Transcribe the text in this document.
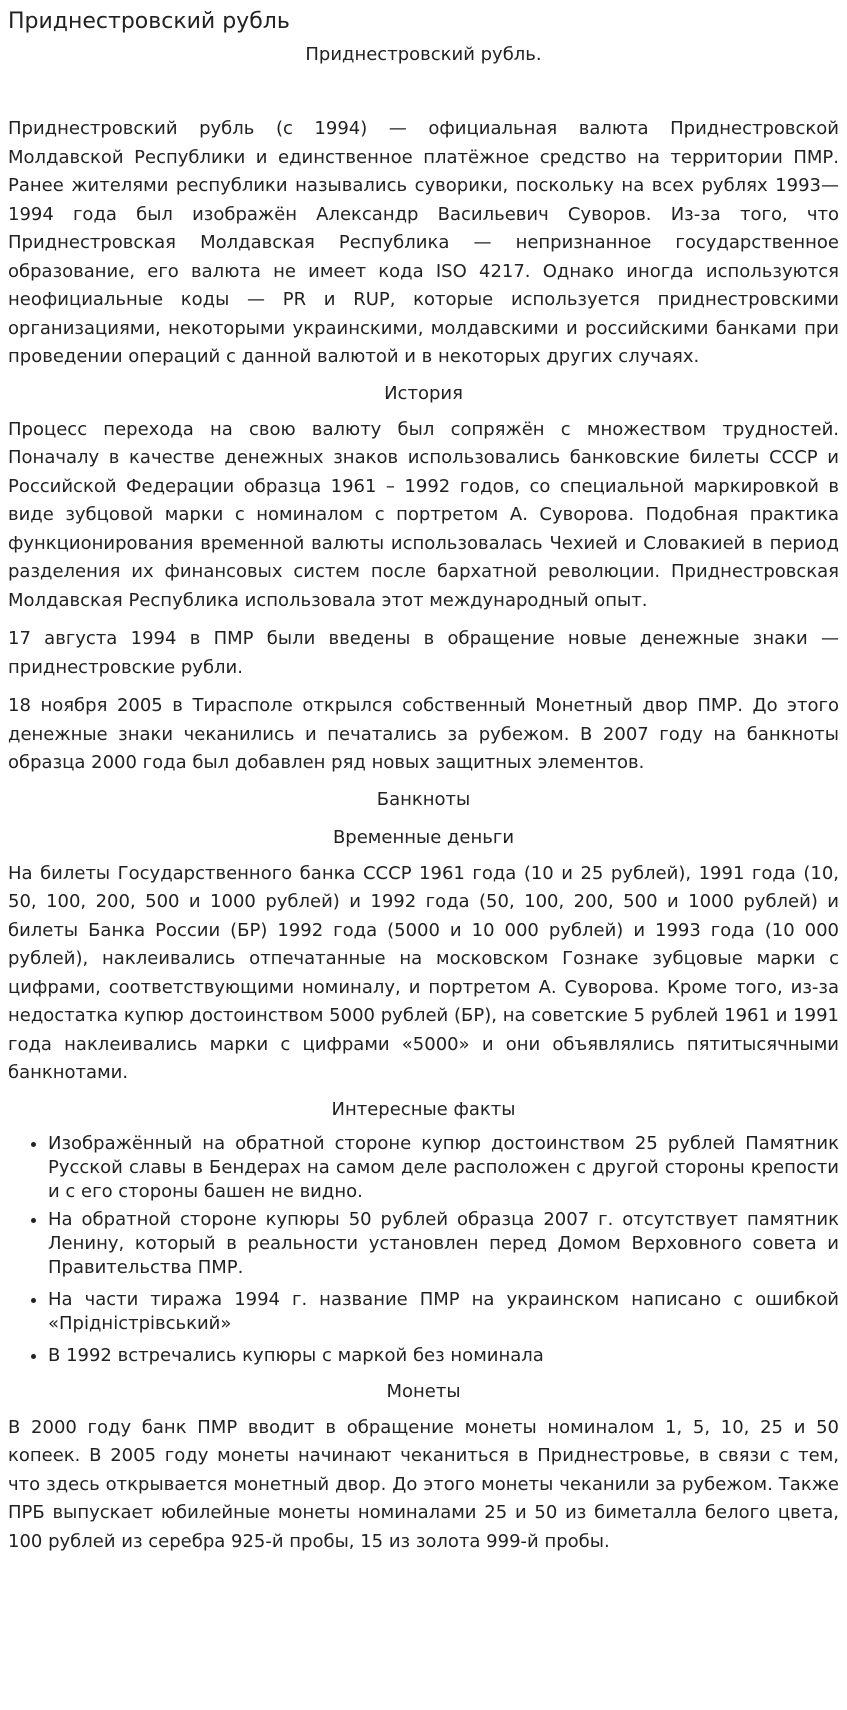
Приднестровский рубль
Приднестровский рубль.

Приднестровский рубль (с 1994) — официальная валюта Приднестровской Молдавской Республики и единственное платёжное средство на территории ПМР. Ранее жителями республики назывались суворики, поскольку на всех рублях 1993—1994 года был изображён Александр Васильевич Суворов. Из-за того, что Приднестровская Молдавская Республика — непризнанное государственное образование, его валюта не имеет кода ISO 4217. Однако иногда используются неофициальные коды — PR и RUP, которые используется приднестровскими организациями, некоторыми украинскими, молдавскими и российскими банками при проведении операций с данной валютой и в некоторых других случаях.

История

Процесс перехода на свою валюту был сопряжён с множеством трудностей. Поначалу в качестве денежных знаков использовались банковские билеты СССР и Российской Федерации образца 1961 – 1992 годов, со специальной маркировкой в виде зубцовой марки с номиналом с портретом А. Суворова. Подобная практика функционирования временной валюты использовалась Чехией и Словакией в период разделения их финансовых систем после бархатной революции. Приднестровская Молдавская Республика использовала этот международный опыт.

17 августа 1994 в ПМР были введены в обращение новые денежные знаки — приднестровские рубли.

18 ноября 2005 в Тирасполе открылся собственный Монетный двор ПМР. До этого денежные знаки чеканились и печатались за рубежом. В 2007 году на банкноты образца 2000 года был добавлен ряд новых защитных элементов.

Банкноты
Временные деньги

На билеты Государственного банка СССР 1961 года (10 и 25 рублей), 1991 года (10, 50, 100, 200, 500 и 1000 рублей) и 1992 года (50, 100, 200, 500 и 1000 рублей) и билеты Банка России (БР) 1992 года (5000 и 10 000 рублей) и 1993 года (10 000 рублей), наклеивались отпечатанные на московском Гознаке зубцовые марки с цифрами, соответствующими номиналу, и портретом А. Суворова. Кроме того, из-за недостатка купюр достоинством 5000 рублей (БР), на советские 5 рублей 1961 и 1991 года наклеивались марки с цифрами «5000» и они объявлялись пятитысячными банкнотами.

Интересные факты
• Изображённый на обратной стороне купюр достоинством 25 рублей Памятник Русской славы в Бендерах на самом деле расположен с другой стороны крепости и с его стороны башен не видно.
• На обратной стороне купюры 50 рублей образца 2007 г. отсутствует памятник Ленину, который в реальности установлен перед Домом Верховного совета и Правительства ПМР.
• На части тиража 1994 г. название ПМР на украинском написано с ошибкой «Прідністрівський»
• В 1992 встречались купюры с маркой без номинала
Монеты

В 2000 году банк ПМР вводит в обращение монеты номиналом 1, 5, 10, 25 и 50 копеек. В 2005 году монеты начинают чеканиться в Приднестровье, в связи с тем, что здесь открывается монетный двор. До этого монеты чеканили за рубежом. Также ПРБ выпускает юбилейные монеты номиналами 25 и 50 из биметалла белого цвета, 100 рублей из серебра 925-й пробы, 15 из золота 999-й пробы.
